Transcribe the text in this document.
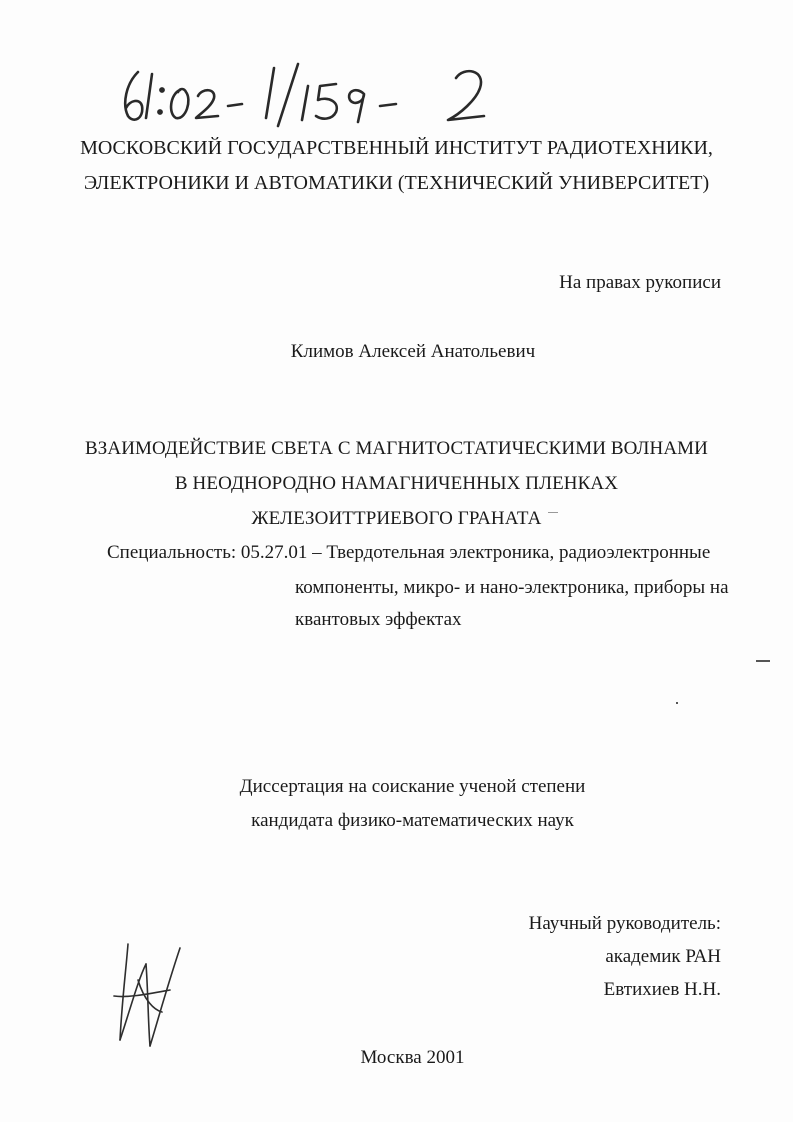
МОСКОВСКИЙ ГОСУДАРСТВЕННЫЙ ИНСТИТУТ РАДИОТЕХНИКИ,
ЭЛЕКТРОНИКИ И АВТОМАТИКИ (ТЕХНИЧЕСКИЙ УНИВЕРСИТЕТ)
На правах рукописи
Климов Алексей Анатольевич
ВЗАИМОДЕЙСТВИЕ СВЕТА С МАГНИТОСТАТИЧЕСКИМИ ВОЛНАМИ
В НЕОДНОРОДНО НАМАГНИЧЕННЫХ ПЛЕНКАХ
ЖЕЛЕЗОИТТРИЕВОГО ГРАНАТА
Специальность: 05.27.01 – Твердотельная электроника, радиоэлектронные
компоненты, микро- и нано-электроника, приборы на
квантовых эффектах
Диссертация на соискание ученой степени
кандидата физико-математических наук
Научный руководитель:
академик РАН
Евтихиев Н.Н.
Москва 2001
